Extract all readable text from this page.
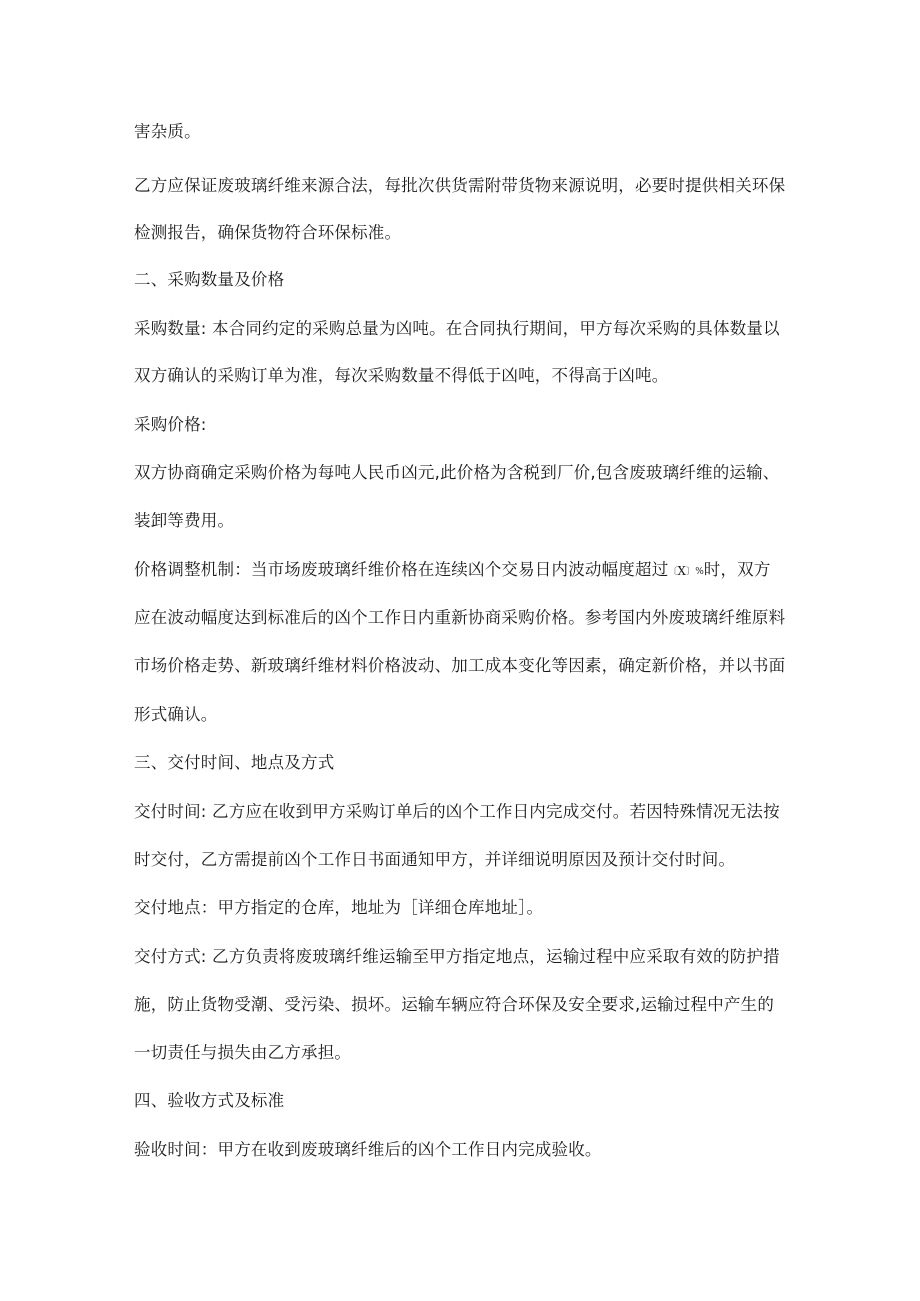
害杂质。
乙方应保证废玻璃纤维来源合法，每批次供货需附带货物来源说明，必要时提供相关环保
检测报告，确保货物符合环保标准。
二、采购数量及价格
采购数量: 本合同约定的采购总量为凶吨。在合同执行期间，甲方每次采购的具体数量以
双方确认的采购订单为准，每次采购数量不得低于凶吨，不得高于凶吨。
采购价格:
双方协商确定采购价格为每吨人民币凶元,此价格为含税到厂价,包含废玻璃纤维的运输、
装卸等费用。
价格调整机制：当市场废玻璃纤维价格在连续凶个交易日内波动幅度超过〔X〕%时，双方
应在波动幅度达到标准后的凶个工作日内重新协商采购价格。参考国内外废玻璃纤维原料
市场价格走势、新玻璃纤维材料价格波动、加工成本变化等因素，确定新价格，并以书面
形式确认。
三、交付时间、地点及方式
交付时间: 乙方应在收到甲方采购订单后的凶个工作日内完成交付。若因特殊情况无法按
时交付，乙方需提前凶个工作日书面通知甲方，并详细说明原因及预计交付时间。
交付地点：甲方指定的仓库，地址为［详细仓库地址］。
交付方式: 乙方负责将废玻璃纤维运输至甲方指定地点，运输过程中应采取有效的防护措
施，防止货物受潮、受污染、损坏。运输车辆应符合环保及安全要求,运输过程中产生的
一切责任与损失由乙方承担。
四、验收方式及标准
验收时间：甲方在收到废玻璃纤维后的凶个工作日内完成验收。
